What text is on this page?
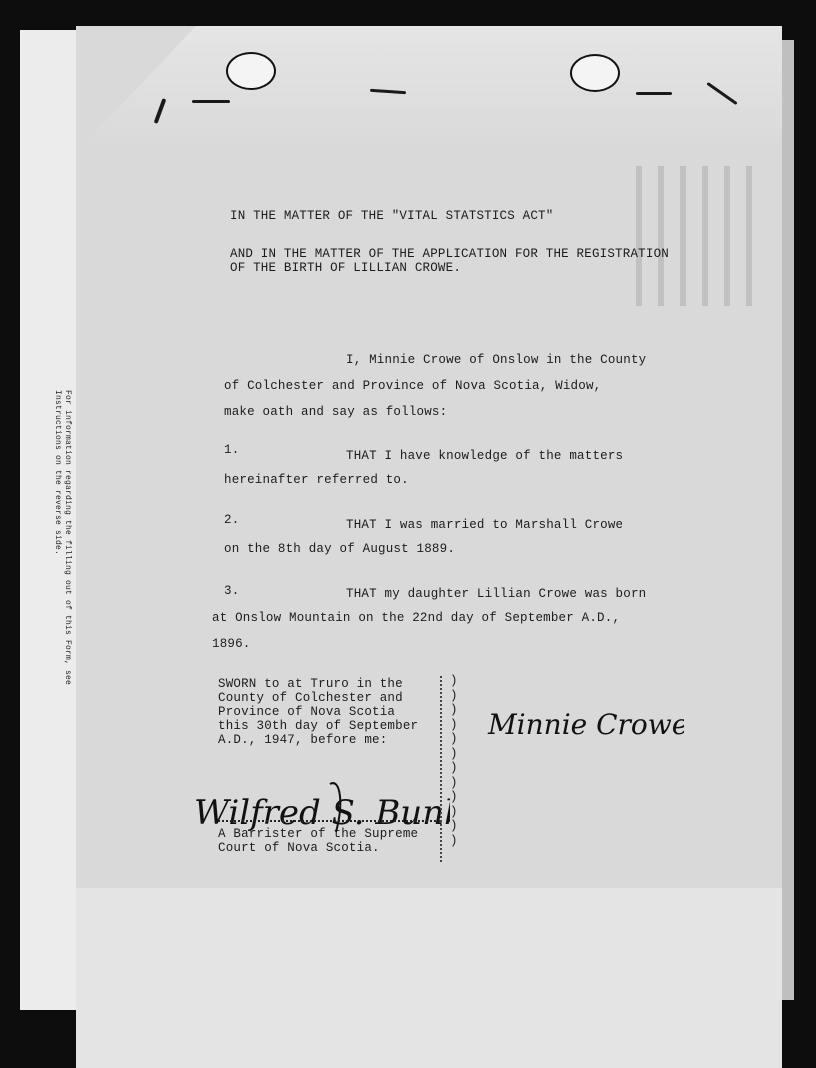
For information regarding the filling out of this Form, see Instructions on the reverse side.
IN THE MATTER OF THE "VITAL STATSTICS ACT"
AND IN THE MATTER OF THE APPLICATION FOR THE REGISTRATION
OF THE BIRTH OF LILLIAN CROWE.
I, Minnie Crowe of Onslow in the County
of Colchester and Province of Nova Scotia, Widow,
make oath and say as follows:
1.	THAT I have knowledge of the matters
hereinafter referred to.
2.	THAT I was married to Marshall Crowe
on the 8th day of August 1889.
3.	THAT my daughter Lillian Crowe was born
at Onslow Mountain on the 22nd day of September A.D.,
1896.
SWORN to at Truro in the
County of Colchester and
Province of Nova Scotia
this 30th day of September
A.D., 1947, before me:
)
)
)
)
)
)
)
)
)
)
)
)
A Barrister of the Supreme
Court of Nova Scotia.
Minnie Crowe
Wilfred S. Bun
